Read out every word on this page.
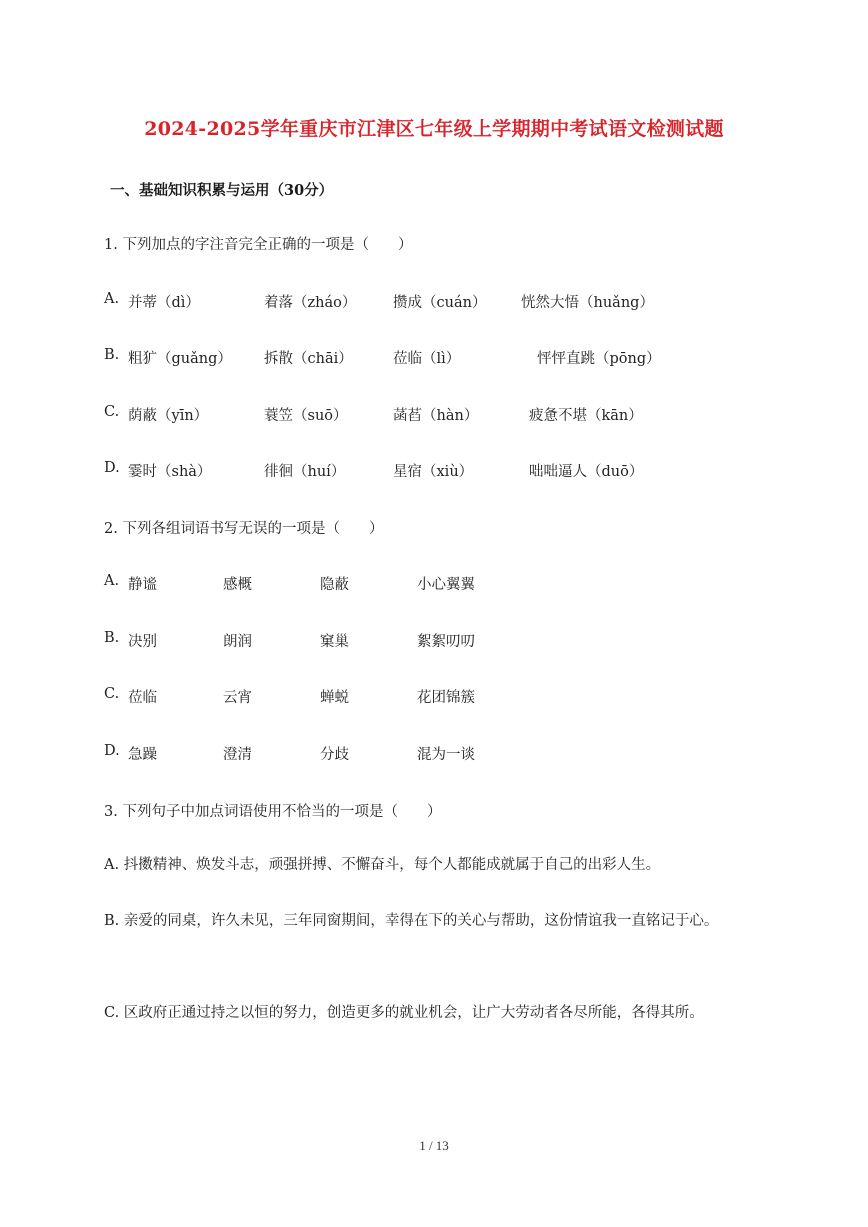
2024-2025学年重庆市江津区七年级上学期期中考试语文检测试题
一、基础知识积累与运用（30分）
1. 下列加点的字注音完全正确的一项是（　　）
A. 并蒂（dì）	着落（zháo）	攒成（cuán） 恍然大悟（huǎng）
B. 粗犷（guǎng） 拆散（chāi）	莅临（lì）	怦怦直跳（pōng）
C. 荫蔽（yīn）	蓑笠（suō）	菡萏（hàn）	疲惫不堪（kān）
D. 霎时（shà）	徘徊（huí）	星宿（xiù）	咄咄逼人（duō）
2. 下列各组词语书写无误的一项是（　　）
A. 静谧	感概	隐蔽	小心翼翼
B. 决别	朗润	窠巢	絮絮叨叨
C. 莅临	云宵	蝉蜕	花团锦簇
D. 急躁	澄清	分歧	混为一谈
3. 下列句子中加点词语使用不恰当的一项是（　　）
A. 抖擞精神、焕发斗志，顽强拼搏、不懈奋斗，每个人都能成就属于自己的出彩人生。
B. 亲爱的同桌，许久未见，三年同窗期间，幸得在下的关心与帮助，这份情谊我一直铭记于心。
C. 区政府正通过持之以恒的努力，创造更多的就业机会，让广大劳动者各尽所能，各得其所。
1 / 13
